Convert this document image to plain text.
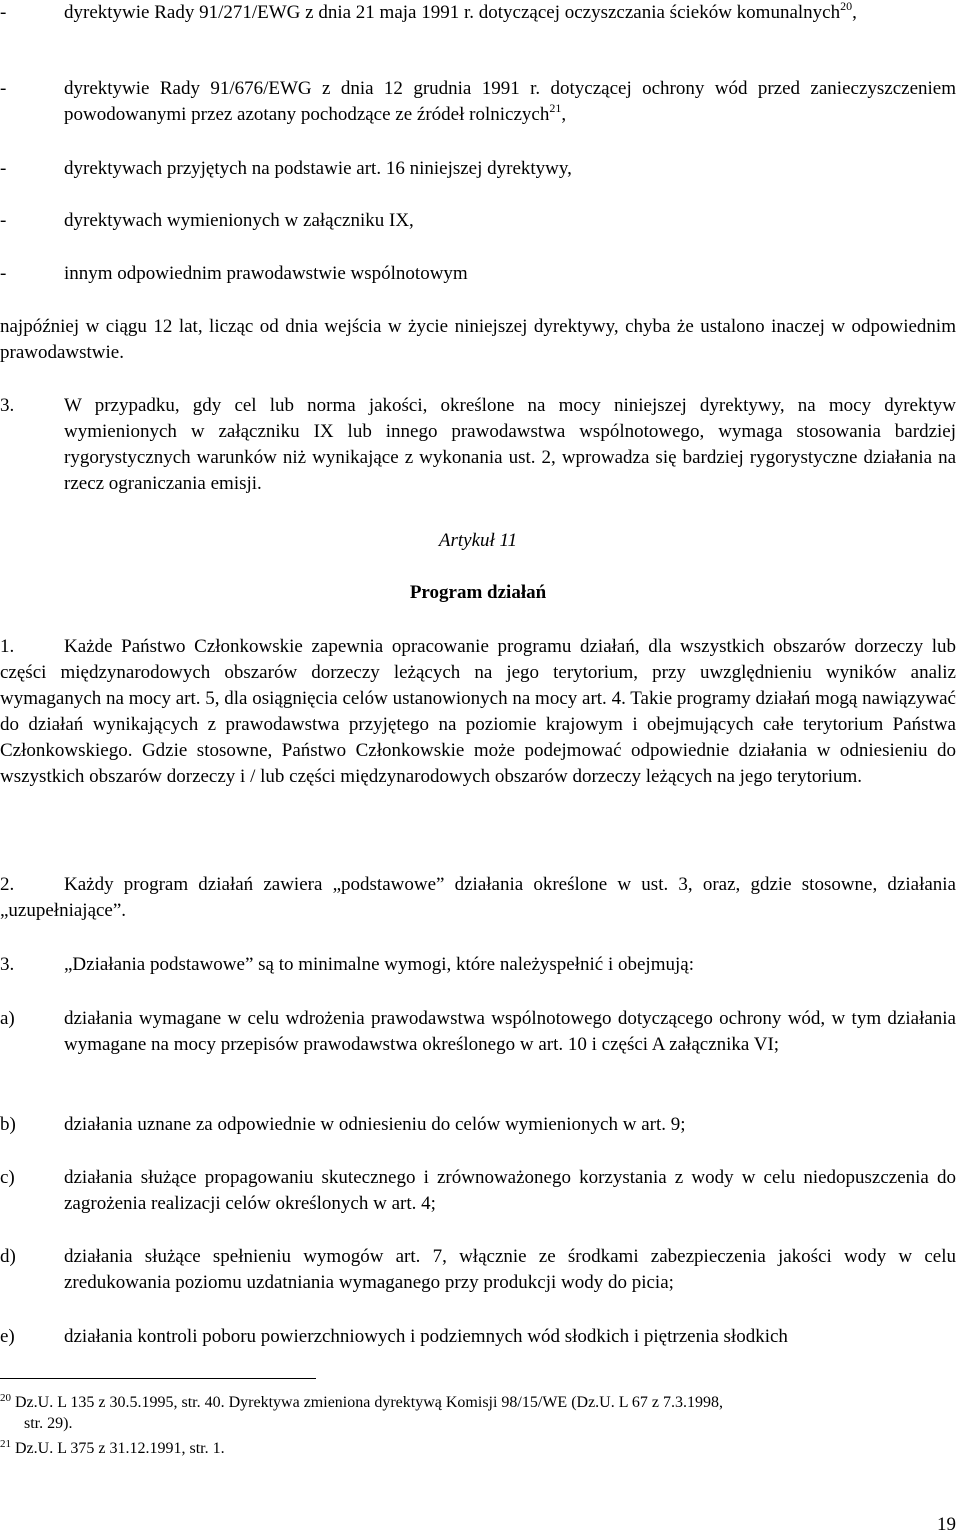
-	dyrektywie Rady 91/271/EWG z dnia 21 maja 1991 r. dotyczącej oczyszczania ścieków komunalnych$^{20}$,
-	dyrektywie Rady 91/676/EWG z dnia 12 grudnia 1991 r. dotyczącej ochrony wód przed zanieczyszczeniem powodowanymi przez azotany pochodzące ze źródeł rolniczych$^{21}$,
-	dyrektywach przyjętych na podstawie art. 16 niniejszej dyrektywy,
-	dyrektywach wymienionych w załączniku IX,
-	innym odpowiednim prawodawstwie wspólnotowym

najpóźniej w ciągu 12 lat, licząc od dnia wejścia w życie niniejszej dyrektywy, chyba że ustalono inaczej w odpowiednim prawodawstwie.

3.	W przypadku, gdy cel lub norma jakości, określone na mocy niniejszej dyrektywy, na mocy dyrektyw wymienionych w załączniku IX lub innego prawodawstwa wspólnotowego, wymaga stosowania bardziej rygorystycznych warunków niż wynikające z wykonania ust. 2, wprowadza się bardziej rygorystyczne działania na rzecz ograniczania emisji.
Artykuł 11
Program działań
1.	Każde Państwo Członkowskie zapewnia opracowanie programu działań, dla wszystkich obszarów dorzeczy lub części międzynarodowych obszarów dorzeczy leżących na jego terytorium, przy uwzględnieniu wyników analiz wymaganych na mocy art. 5, dla osiągnięcia celów ustanowionych na mocy art. 4. Takie programy działań mogą nawiązywać do działań wynikających z prawodawstwa przyjętego na poziomie krajowym i obejmujących całe terytorium Państwa Członkowskiego. Gdzie stosowne, Państwo Członkowskie może podejmować odpowiednie działania w odniesieniu do wszystkich obszarów dorzeczy i / lub części międzynarodowych obszarów dorzeczy leżących na jego terytorium.
2.	Każdy program działań zawiera „podstawowe” działania określone w ust. 3, oraz, gdzie stosowne, działania „uzupełniające”.
3.	„Działania podstawowe” są to minimalne wymogi, które należyspełnić i obejmują:
a)	działania wymagane w celu wdrożenia prawodawstwa wspólnotowego dotyczącego ochrony wód, w tym działania wymagane na mocy przepisów prawodawstwa określonego w art. 10 i części A załącznika VI;
b)	działania uznane za odpowiednie w odniesieniu do celów wymienionych w art. 9;
c)	działania służące propagowaniu skutecznego i zrównoważonego korzystania z wody w celu niedopuszczenia do zagrożenia realizacji celów określonych w art. 4;
d)	działania służące spełnieniu wymogów art. 7, włącznie ze środkami zabezpieczenia jakości wody w celu zredukowania poziomu uzdatniania wymaganego przy produkcji wody do picia;
e)	działania kontroli poboru powierzchniowych i podziemnych wód słodkich i piętrzenia słodkich
$^{20}$ Dz.U. L 135 z 30.5.1995, str. 40. Dyrektywa zmieniona dyrektywą Komisji 98/15/WE (Dz.U. L 67 z 7.3.1998,
str. 29).
$^{21}$ Dz.U. L 375 z 31.12.1991, str. 1.
19
